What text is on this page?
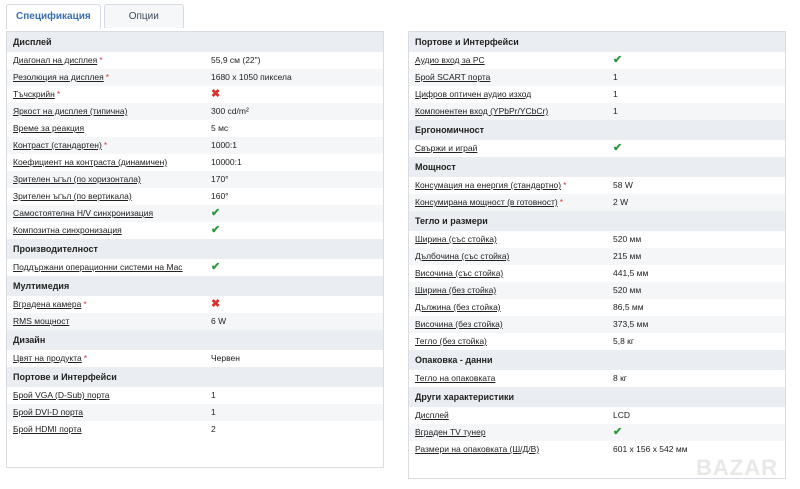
Спецификация	Опции
Дисплей
Диагонал на дисплея *	55,9 см (22")
Резолюция на дисплея *	1680 x 1050 пиксела
Тъчскрийн *	✖
Яркост на дисплея (типична)	300 cd/m²
Време за реакция	5 мс
Контраст (стандартен) *	1000:1
Коефициент на контраста (динамичен)	10000:1
Зрителен ъгъл (по хоризонтала)	170°
Зрителен ъгъл (по вертикала)	160°
Самостоятелна H/V синхронизация	✔
Композитна синхронизация	✔
Производителност
Поддържани операционни системи на Mac	✔
Мултимедия
Вградена камера *	✖
RMS мощност	6 W
Дизайн
Цвят на продукта *	Червен
Портове и Интерфейси
Брой VGA (D-Sub) порта	1
Брой DVI-D порта	1
Брой HDMI порта	2
Портове и Интерфейси
Аудио вход за PC	✔
Брой SCART порта	1
Цифров оптичен аудио изход	1
Компонентен вход (YPbPr/YCbCr)	1
Ергономичност
Свържи и играй	✔
Мощност
Консумация на енергия (стандартно) *	58 W
Консумирана мощност (в готовност) *	2 W
Тегло и размери
Ширина (със стойка)	520 мм
Дълбочина (със стойка)	215 мм
Височина (със стойка)	441,5 мм
Ширина (без стойка)	520 мм
Дължина (без стойка)	86,5 мм
Височина (без стойка)	373,5 мм
Тегло (без стойка)	5,8 кг
Опаковка - данни
Тегло на опаковката	8 кг
Други характеристики
Дисплей	LCD
Вграден TV тунер	✔
Размери на опаковката (Ш/Д/В)	601 x 156 x 542 мм
BAZAR
